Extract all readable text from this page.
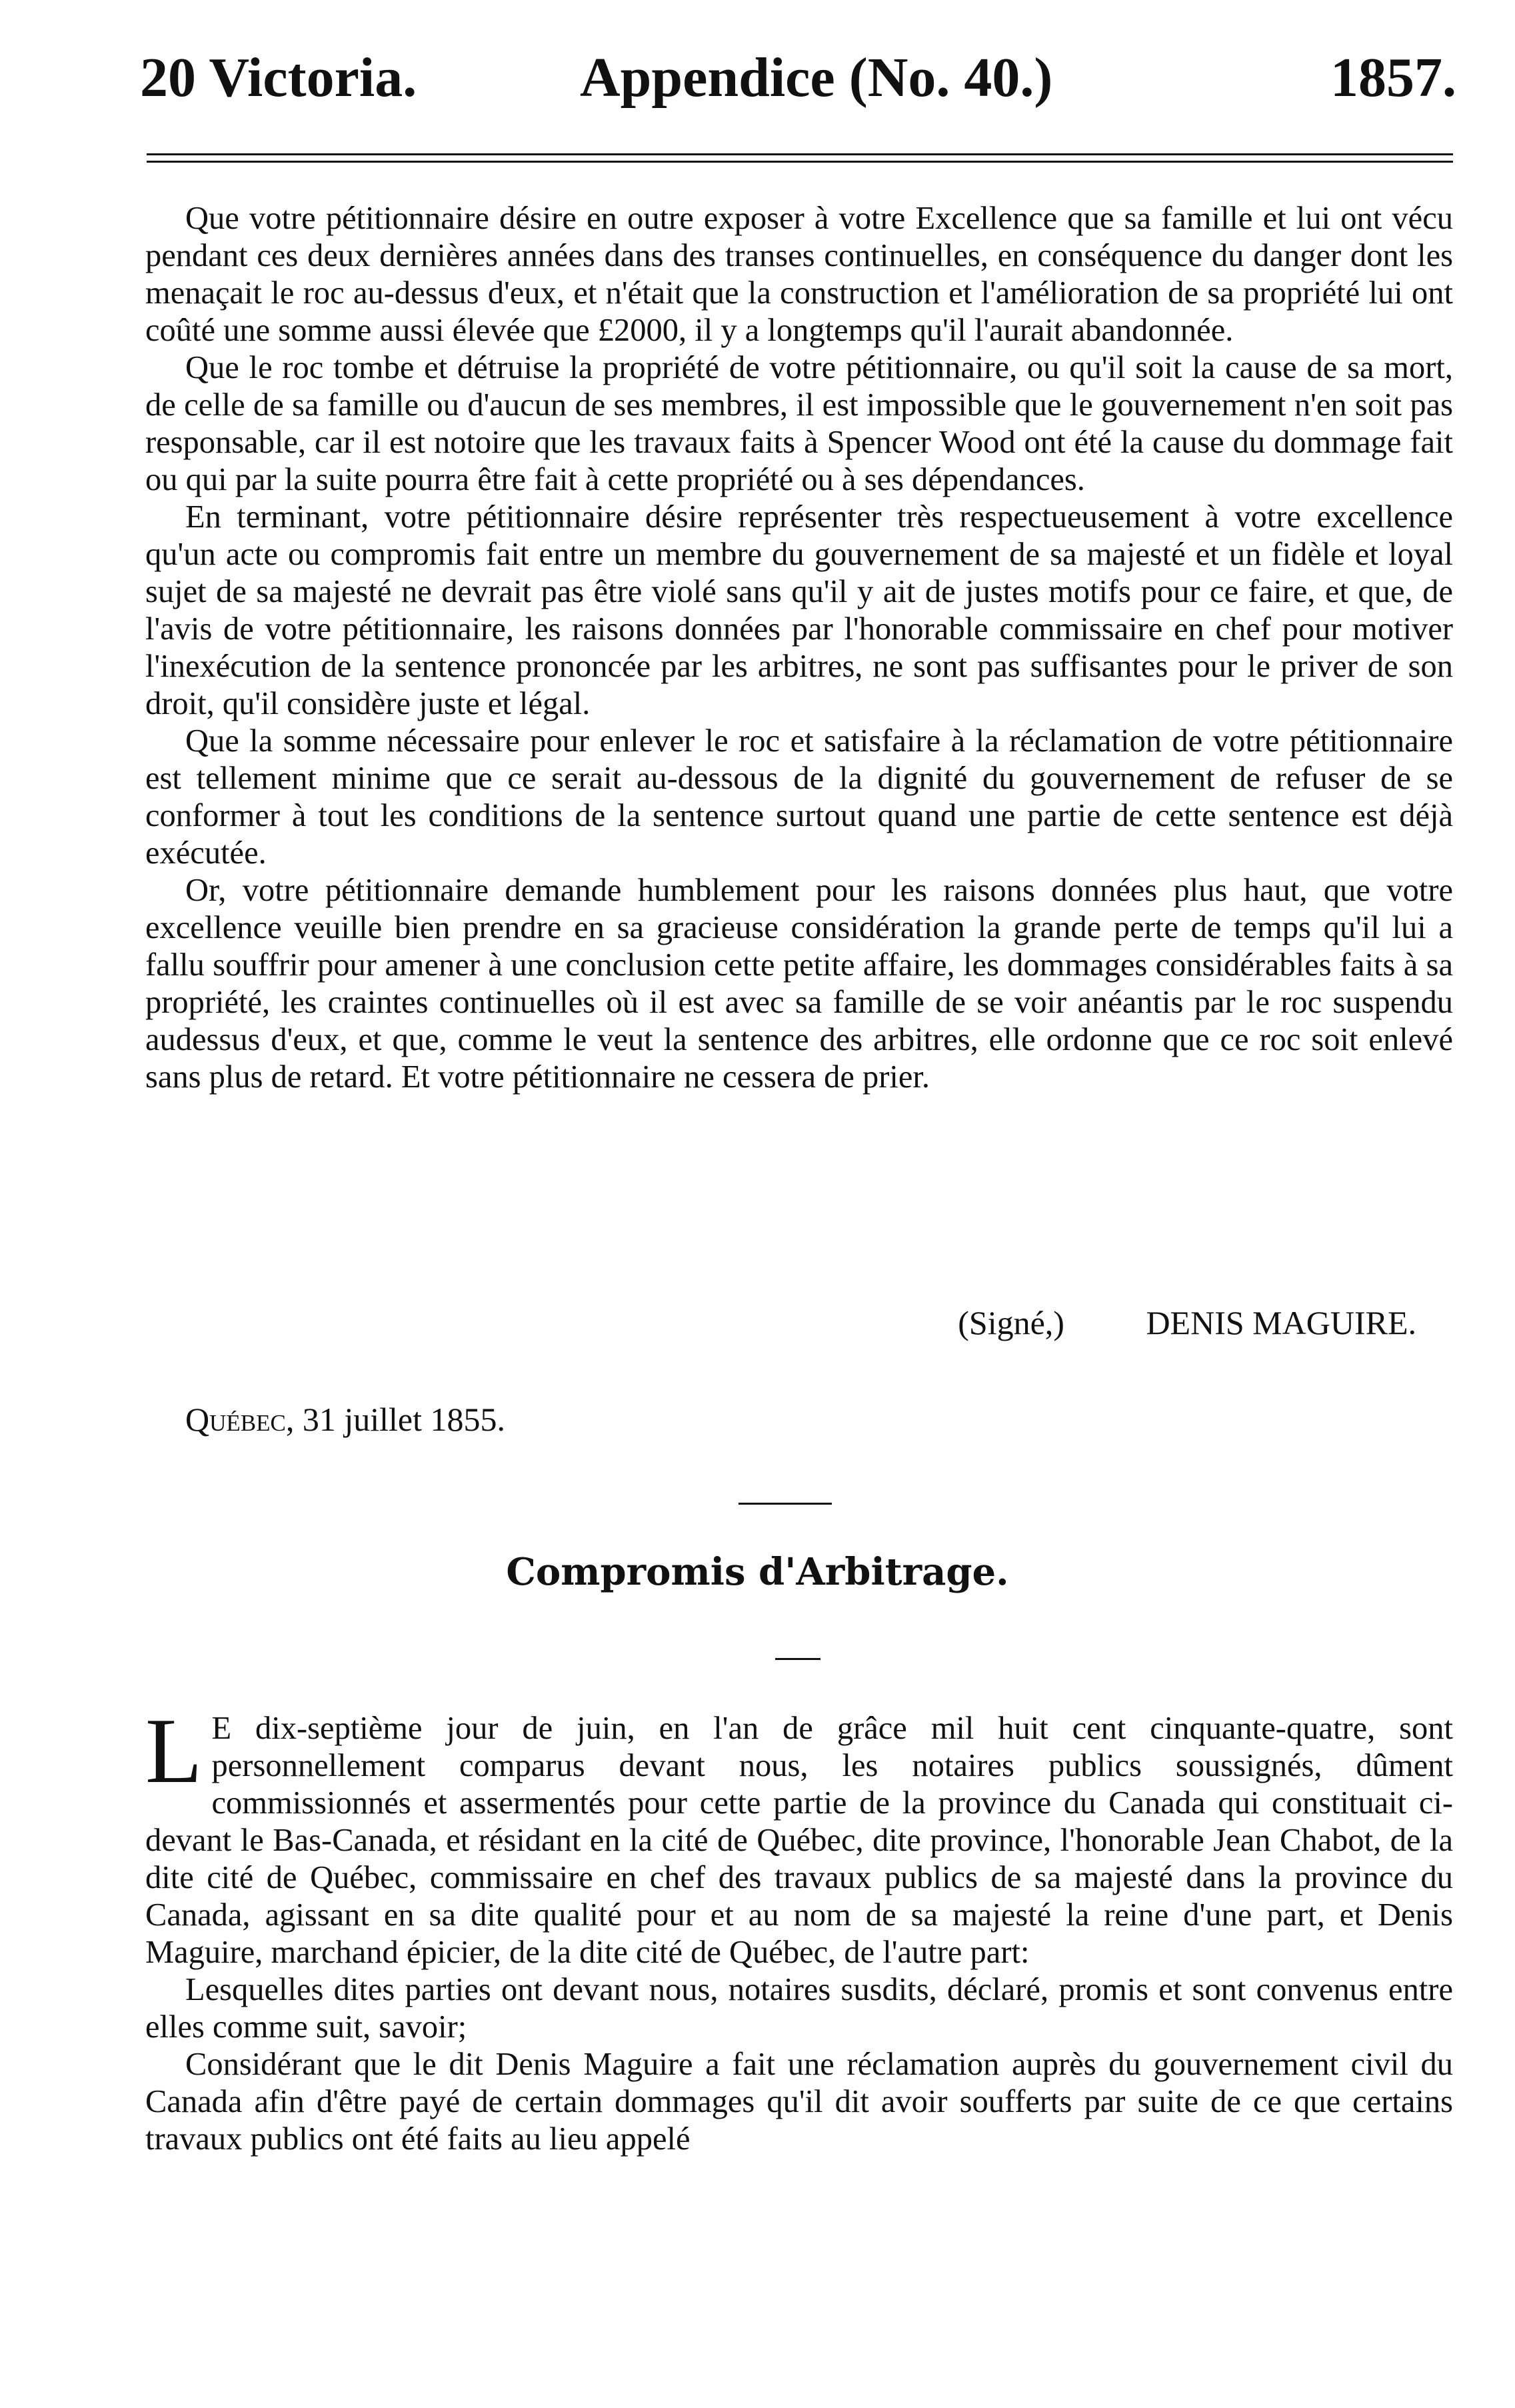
20 Victoria.	Appendice (No. 40.)	1857.

Que votre pétitionnaire désire en outre exposer à votre Excellence que sa famille et lui ont vécu pendant ces deux dernières années dans des transes continuelles, en conséquence du danger dont les menaçait le roc au-dessus d'eux, et n'était que la construction et l'amélioration de sa propriété lui ont coûté une somme aussi élevée que £2000, il y a longtemps qu'il l'aurait abandonnée.

Que le roc tombe et détruise la propriété de votre pétitionnaire, ou qu'il soit la cause de sa mort, de celle de sa famille ou d'aucun de ses membres, il est impossible que le gouvernement n'en soit pas responsable, car il est notoire que les travaux faits à Spencer Wood ont été la cause du dommage fait ou qui par la suite pourra être fait à cette propriété ou à ses dépendances.

En terminant, votre pétitionnaire désire représenter très respectueusement à votre excellence qu'un acte ou compromis fait entre un membre du gouvernement de sa majesté et un fidèle et loyal sujet de sa majesté ne devrait pas être violé sans qu'il y ait de justes motifs pour ce faire, et que, de l'avis de votre pétitionnaire, les raisons données par l'honorable commissaire en chef pour motiver l'inexécution de la sentence prononcée par les arbitres, ne sont pas suffisantes pour le priver de son droit, qu'il considère juste et légal.

Que la somme nécessaire pour enlever le roc et satisfaire à la réclamation de votre pétitionnaire est tellement minime que ce serait au-dessous de la dignité du gouvernement de refuser de se conformer à tout les conditions de la sentence surtout quand une partie de cette sentence est déjà exécutée.

Or, votre pétitionnaire demande humblement pour les raisons données plus haut, que votre excellence veuille bien prendre en sa gracieuse considération la grande perte de temps qu'il lui a fallu souffrir pour amener à une conclusion cette petite affaire, les dommages considérables faits à sa propriété, les craintes continuelles où il est avec sa famille de se voir anéantis par le roc suspendu audessus d'eux, et que, comme le veut la sentence des arbitres, elle ordonne que ce roc soit enlevé sans plus de retard. Et votre pétitionnaire ne cessera de prier.

(Signé,) DENIS MAGUIRE.
Québec, 31 juillet 1855.
Compromis d'Arbitrage.

L E dix-septième jour de juin, en l'an de grâce mil huit cent cinquante-quatre, sont personnellement comparus devant nous, les notaires publics soussignés, dûment commissionnés et assermentés pour cette partie de la province du Canada qui constituait ci-devant le Bas-Canada, et résidant en la cité de Québec, dite province, l'honorable Jean Chabot, de la dite cité de Québec, commissaire en chef des travaux publics de sa majesté dans la province du Canada, agissant en sa dite qualité pour et au nom de sa majesté la reine d'une part, et Denis Maguire, marchand épicier, de la dite cité de Québec, de l'autre part:

Lesquelles dites parties ont devant nous, notaires susdits, déclaré, promis et sont convenus entre elles comme suit, savoir;

Considérant que le dit Denis Maguire a fait une réclamation auprès du gouvernement civil du Canada afin d'être payé de certain dommages qu'il dit avoir soufferts par suite de ce que certains travaux publics ont été faits au lieu appelé
